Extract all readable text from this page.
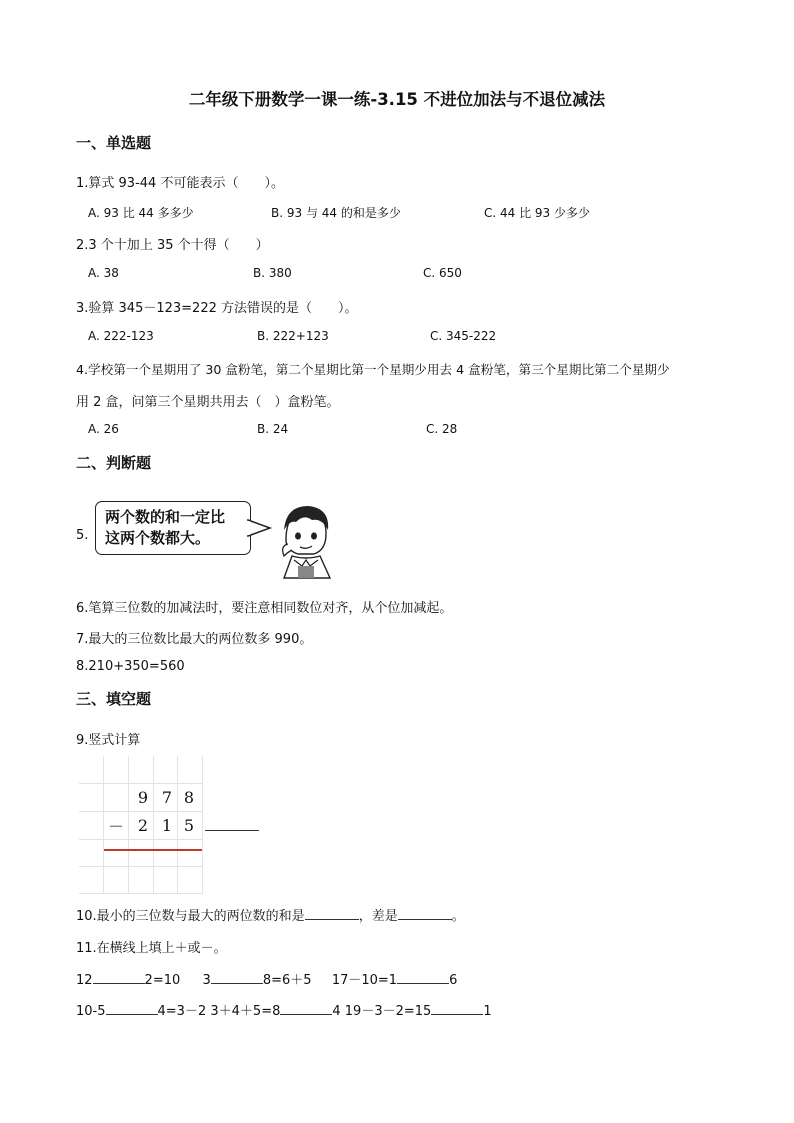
二年级下册数学一课一练-3.15 不进位加法与不退位减法
一、单选题
1.算式 93-44 不可能表示（　　）。
A. 93 比 44 多多少	B. 93 与 44 的和是多少	C. 44 比 93 少多少
2.3 个十加上 35 个十得（　　）
A. 38	B. 380	C. 650
3.验算 345－123=222 方法错误的是（　　）。
A. 222-123	B. 222+123	C. 345-222
4.学校第一个星期用了 30 盒粉笔，第二个星期比第一个星期少用去 4 盒粉笔，第三个星期比第二个星期少
用 2 盒，问第三个星期共用去（　）盒粉笔。
A. 26	B. 24	C. 28
二、判断题
5.
两个数的和一定比
这两个数都大。
6.笔算三位数的加减法时，要注意相同数位对齐，从个位加减起。
7.最大的三位数比最大的两位数多 990。
8.210+350=560
三、填空题
9.竖式计算
9 7 8
－ 2 1 5
10.最小的三位数与最大的两位数的和是	，差是	。
11.在横线上填上＋或－。
12	2=10 3	8=6＋5 17－10=1	6
10-5	4=3－2 3＋4＋5=8	4 19－3－2=15	1
